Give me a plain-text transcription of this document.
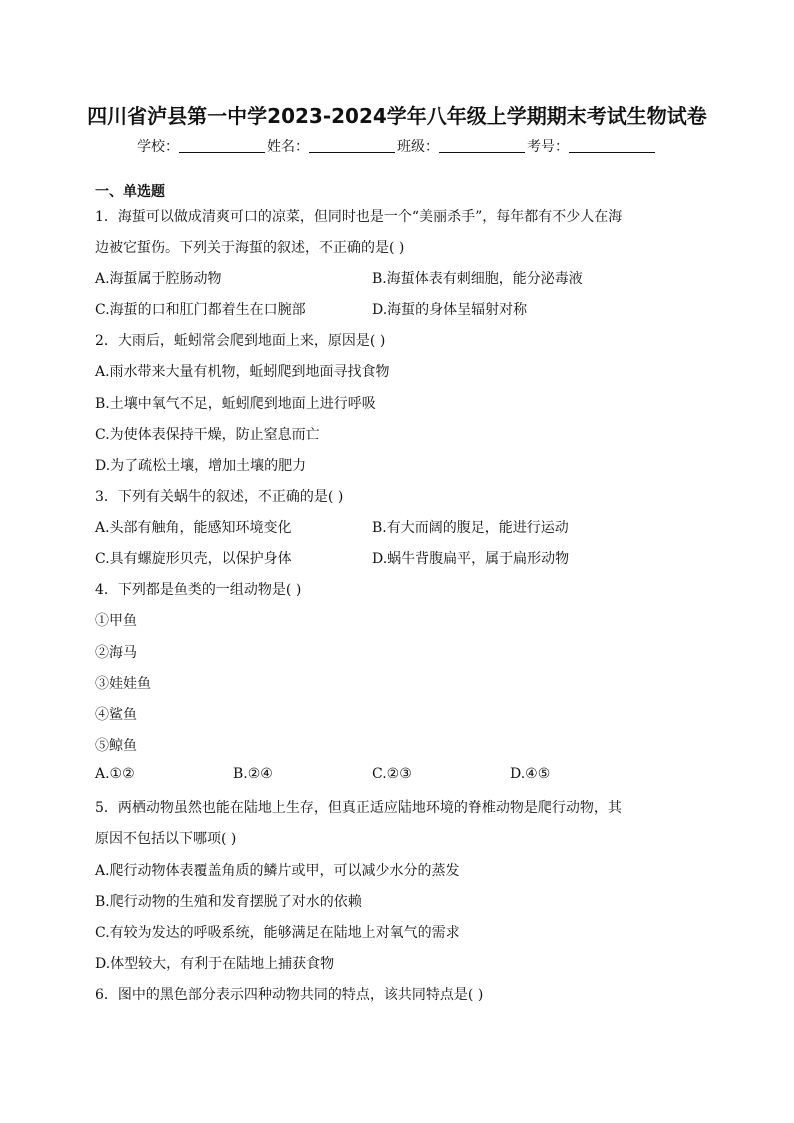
四川省泸县第一中学2023-2024学年八年级上学期期末考试生物试卷
学校：	姓名：	班级：	考号：
一、单选题
1．海蜇可以做成清爽可口的凉菜，但同时也是一个“美丽杀手”，每年都有不少人在海
边被它蜇伤。下列关于海蜇的叙述，不正确的是( )
A.海蜇属于腔肠动物	B.海蜇体表有刺细胞，能分泌毒液
C.海蜇的口和肛门都着生在口腕部	D.海蜇的身体呈辐射对称
2．大雨后，蚯蚓常会爬到地面上来，原因是( )
A.雨水带来大量有机物，蚯蚓爬到地面寻找食物
B.土壤中氧气不足，蚯蚓爬到地面上进行呼吸
C.为使体表保持干燥，防止窒息而亡
D.为了疏松土壤，增加土壤的肥力
3．下列有关蜗牛的叙述，不正确的是( )
A.头部有触角，能感知环境变化	B.有大而阔的腹足，能进行运动
C.具有螺旋形贝壳，以保护身体	D.蜗牛背腹扁平，属于扁形动物
4．下列都是鱼类的一组动物是( )
①甲鱼
②海马
③娃娃鱼
④鲨鱼
⑤鲸鱼
A.①②	B.②④	C.②③	D.④⑤
5．两栖动物虽然也能在陆地上生存，但真正适应陆地环境的脊椎动物是爬行动物，其
原因不包括以下哪项( )
A.爬行动物体表覆盖角质的鳞片或甲，可以减少水分的蒸发
B.爬行动物的生殖和发育摆脱了对水的依赖
C.有较为发达的呼吸系统，能够满足在陆地上对氧气的需求
D.体型较大，有利于在陆地上捕获食物
6．图中的黑色部分表示四种动物共同的特点，该共同特点是( )
